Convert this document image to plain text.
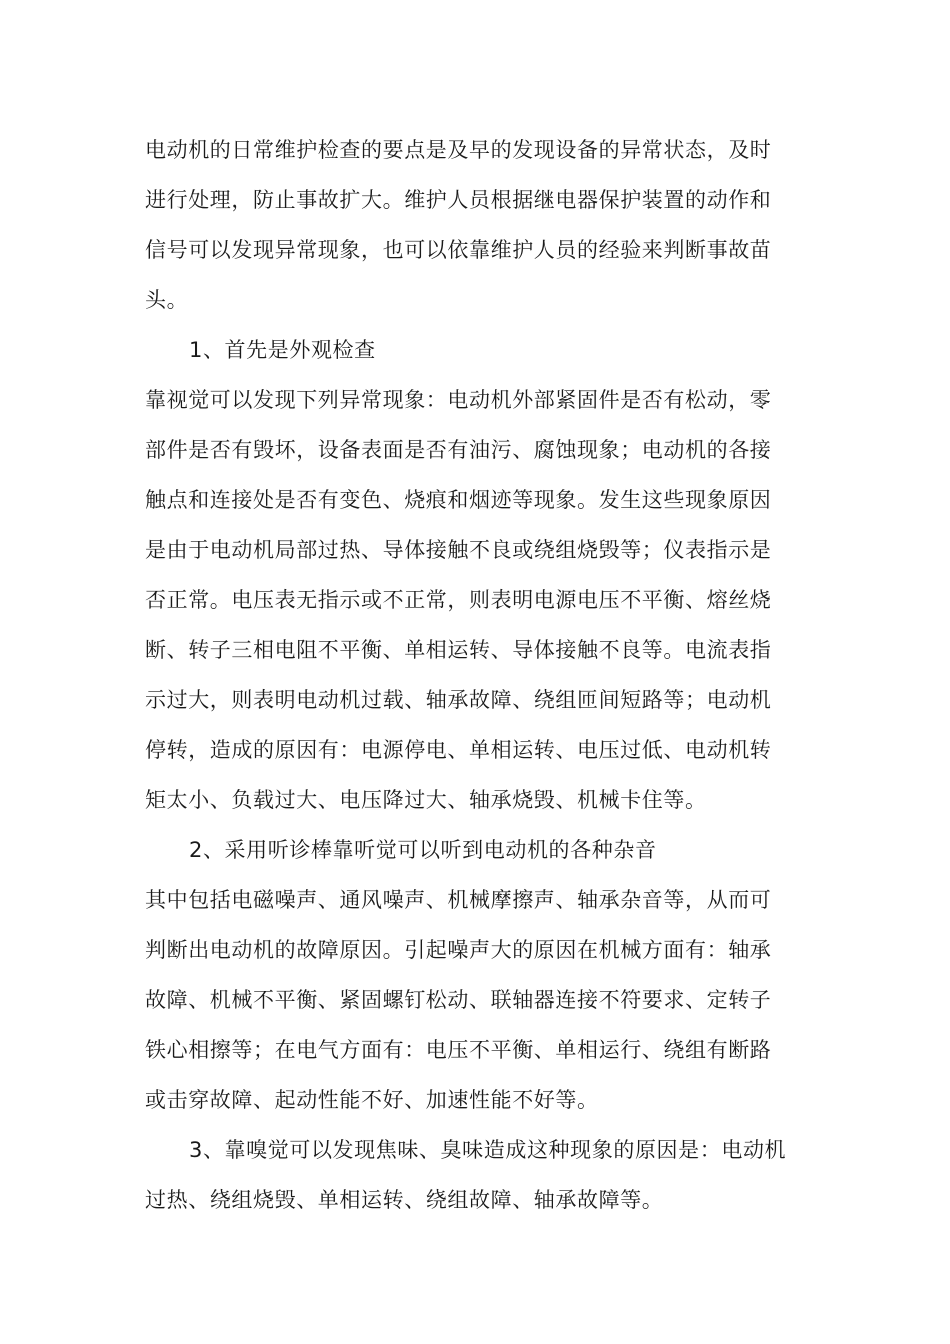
电动机的日常维护检查的要点是及早的发现设备的异常状态，及时
进行处理，防止事故扩大。维护人员根据继电器保护装置的动作和
信号可以发现异常现象，也可以依靠维护人员的经验来判断事故苗
头。

1、首先是外观检查

靠视觉可以发现下列异常现象：电动机外部紧固件是否有松动，零
部件是否有毁坏，设备表面是否有油污、腐蚀现象；电动机的各接
触点和连接处是否有变色、烧痕和烟迹等现象。发生这些现象原因
是由于电动机局部过热、导体接触不良或绕组烧毁等；仪表指示是
否正常。电压表无指示或不正常，则表明电源电压不平衡、熔丝烧
断、转子三相电阻不平衡、单相运转、导体接触不良等。电流表指
示过大，则表明电动机过载、轴承故障、绕组匝间短路等；电动机
停转，造成的原因有：电源停电、单相运转、电压过低、电动机转
矩太小、负载过大、电压降过大、轴承烧毁、机械卡住等。

2、采用听诊棒靠听觉可以听到电动机的各种杂音

其中包括电磁噪声、通风噪声、机械摩擦声、轴承杂音等，从而可
判断出电动机的故障原因。引起噪声大的原因在机械方面有：轴承
故障、机械不平衡、紧固螺钉松动、联轴器连接不符要求、定转子
铁心相擦等；在电气方面有：电压不平衡、单相运行、绕组有断路
或击穿故障、起动性能不好、加速性能不好等。

3、靠嗅觉可以发现焦味、臭味造成这种现象的原因是：电动机
过热、绕组烧毁、单相运转、绕组故障、轴承故障等。
